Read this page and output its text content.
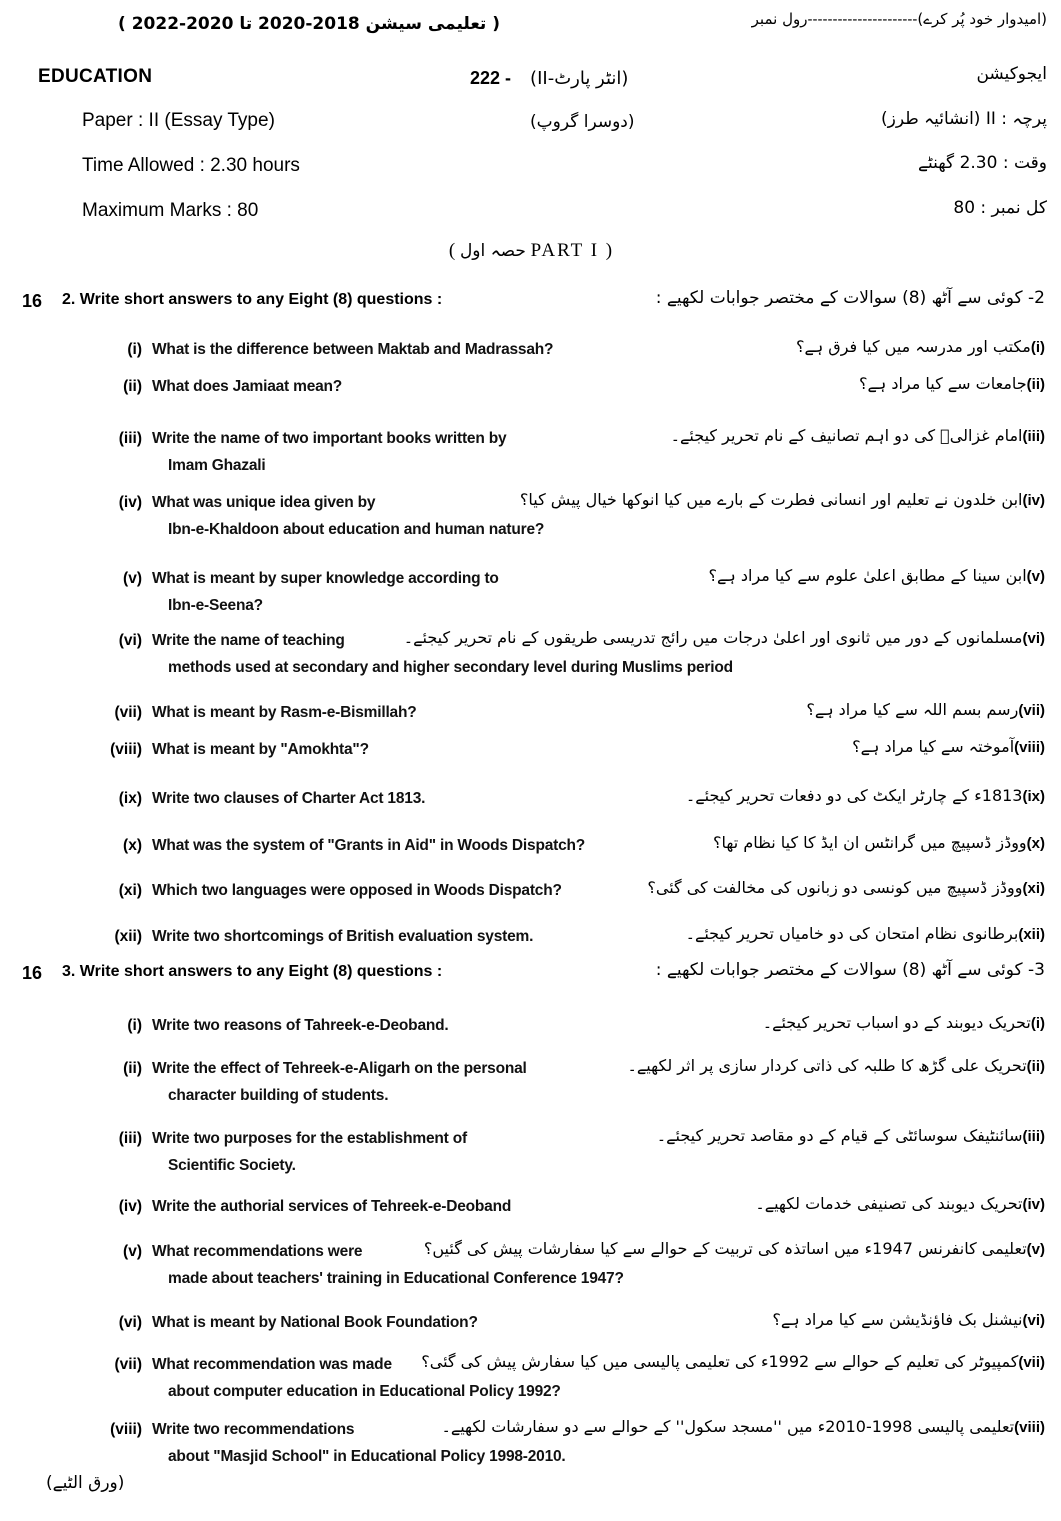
(امیدوار خود پُر کرے)----------------------رول نمبر
( تعلیمی سیشن 2018-2020 تا 2020-2022 )
EDUCATION
Paper : II (Essay Type)
Time Allowed : 2.30 hours
Maximum Marks : 80
222 - (انٹر پارٹ-II)
(دوسرا گروپ)
ایجوکیشن
پرچہ : II (انشائیہ طرز)
وقت : 2.30 گھنٹے
کل نمبر : 80
( حصہ اول PART I )
16 2. Write short answers to any Eight (8) questions :	2- کوئی سے آٹھ (8) سوالات کے مختصر جوابات لکھیے :
(i) What is the difference between Maktab and Madrassah?	(i)مکتب اور مدرسہ میں کیا فرق ہے؟
(ii) What does Jamiaat mean?	(ii)جامعات سے کیا مراد ہے؟
(iii) Write the name of two important books written by
Imam Ghazali
(iii)امام غزالیؒ کی دو اہم تصانیف کے نام تحریر کیجئے۔
(iv) What was unique idea given by
Ibn-e-Khaldoon about education and human nature?
(iv)ابن خلدون نے تعلیم اور انسانی فطرت کے بارے میں کیا انوکھا خیال پیش کیا؟
(v) What is meant by super knowledge according to
Ibn-e-Seena?
(v)ابن سینا کے مطابق اعلیٰ علوم سے کیا مراد ہے؟
(vi) Write the name of teaching
methods used at secondary and higher secondary level during Muslims period
(vi)مسلمانوں کے دور میں ثانوی اور اعلیٰ درجات میں رائج تدریسی طریقوں کے نام تحریر کیجئے۔
(vii) What is meant by Rasm-e-Bismillah?	(vii)رسم بسم اللہ سے کیا مراد ہے؟
(viii) What is meant by "Amokhta"?	(viii)آموختہ سے کیا مراد ہے؟
(ix) Write two clauses of Charter Act 1813.	(ix)1813ء کے چارٹر ایکٹ کی دو دفعات تحریر کیجئے۔
(x) What was the system of "Grants in Aid" in Woods Dispatch?	(x)ووڈز ڈسپیچ میں گرانٹس ان ایڈ کا کیا نظام تھا؟
(xi) Which two languages were opposed in Woods Dispatch?	(xi)ووڈز ڈسپیچ میں کونسی دو زبانوں کی مخالفت کی گئی؟
(xii) Write two shortcomings of British evaluation system.	(xii)برطانوی نظام امتحان کی دو خامیاں تحریر کیجئے۔
16 3. Write short answers to any Eight (8) questions :	3- کوئی سے آٹھ (8) سوالات کے مختصر جوابات لکھیے :
(i) Write two reasons of Tahreek-e-Deoband.	(i)تحریک دیوبند کے دو اسباب تحریر کیجئے۔
(ii) Write the effect of Tehreek-e-Aligarh on the personal
character building of students.
(ii)تحریک علی گڑھ کا طلبہ کی ذاتی کردار سازی پر اثر لکھیے۔
(iii) Write two purposes for the establishment of
Scientific Society.
(iii)سائنٹیفک سوسائٹی کے قیام کے دو مقاصد تحریر کیجئے۔
(iv) Write the authorial services of Tehreek-e-Deoband	(iv)تحریک دیوبند کی تصنیفی خدمات لکھیے۔
(v) What recommendations were
made about teachers' training in Educational Conference 1947?
(v)تعلیمی کانفرنس 1947ء میں اساتذہ کی تربیت کے حوالے سے کیا سفارشات پیش کی گئیں؟
(vi) What is meant by National Book Foundation?	(vi)نیشنل بک فاؤنڈیشن سے کیا مراد ہے؟
(vii) What recommendation was made
about computer education in Educational Policy 1992?
(vii)کمپیوٹر کی تعلیم کے حوالے سے 1992ء کی تعلیمی پالیسی میں کیا سفارش پیش کی گئی؟
(viii) Write two recommendations
about "Masjid School" in Educational Policy 1998-2010.
(viii)تعلیمی پالیسی 1998-2010ء میں ''مسجد سکول'' کے حوالے سے دو سفارشات لکھیے۔
(ورق الٹیے)
